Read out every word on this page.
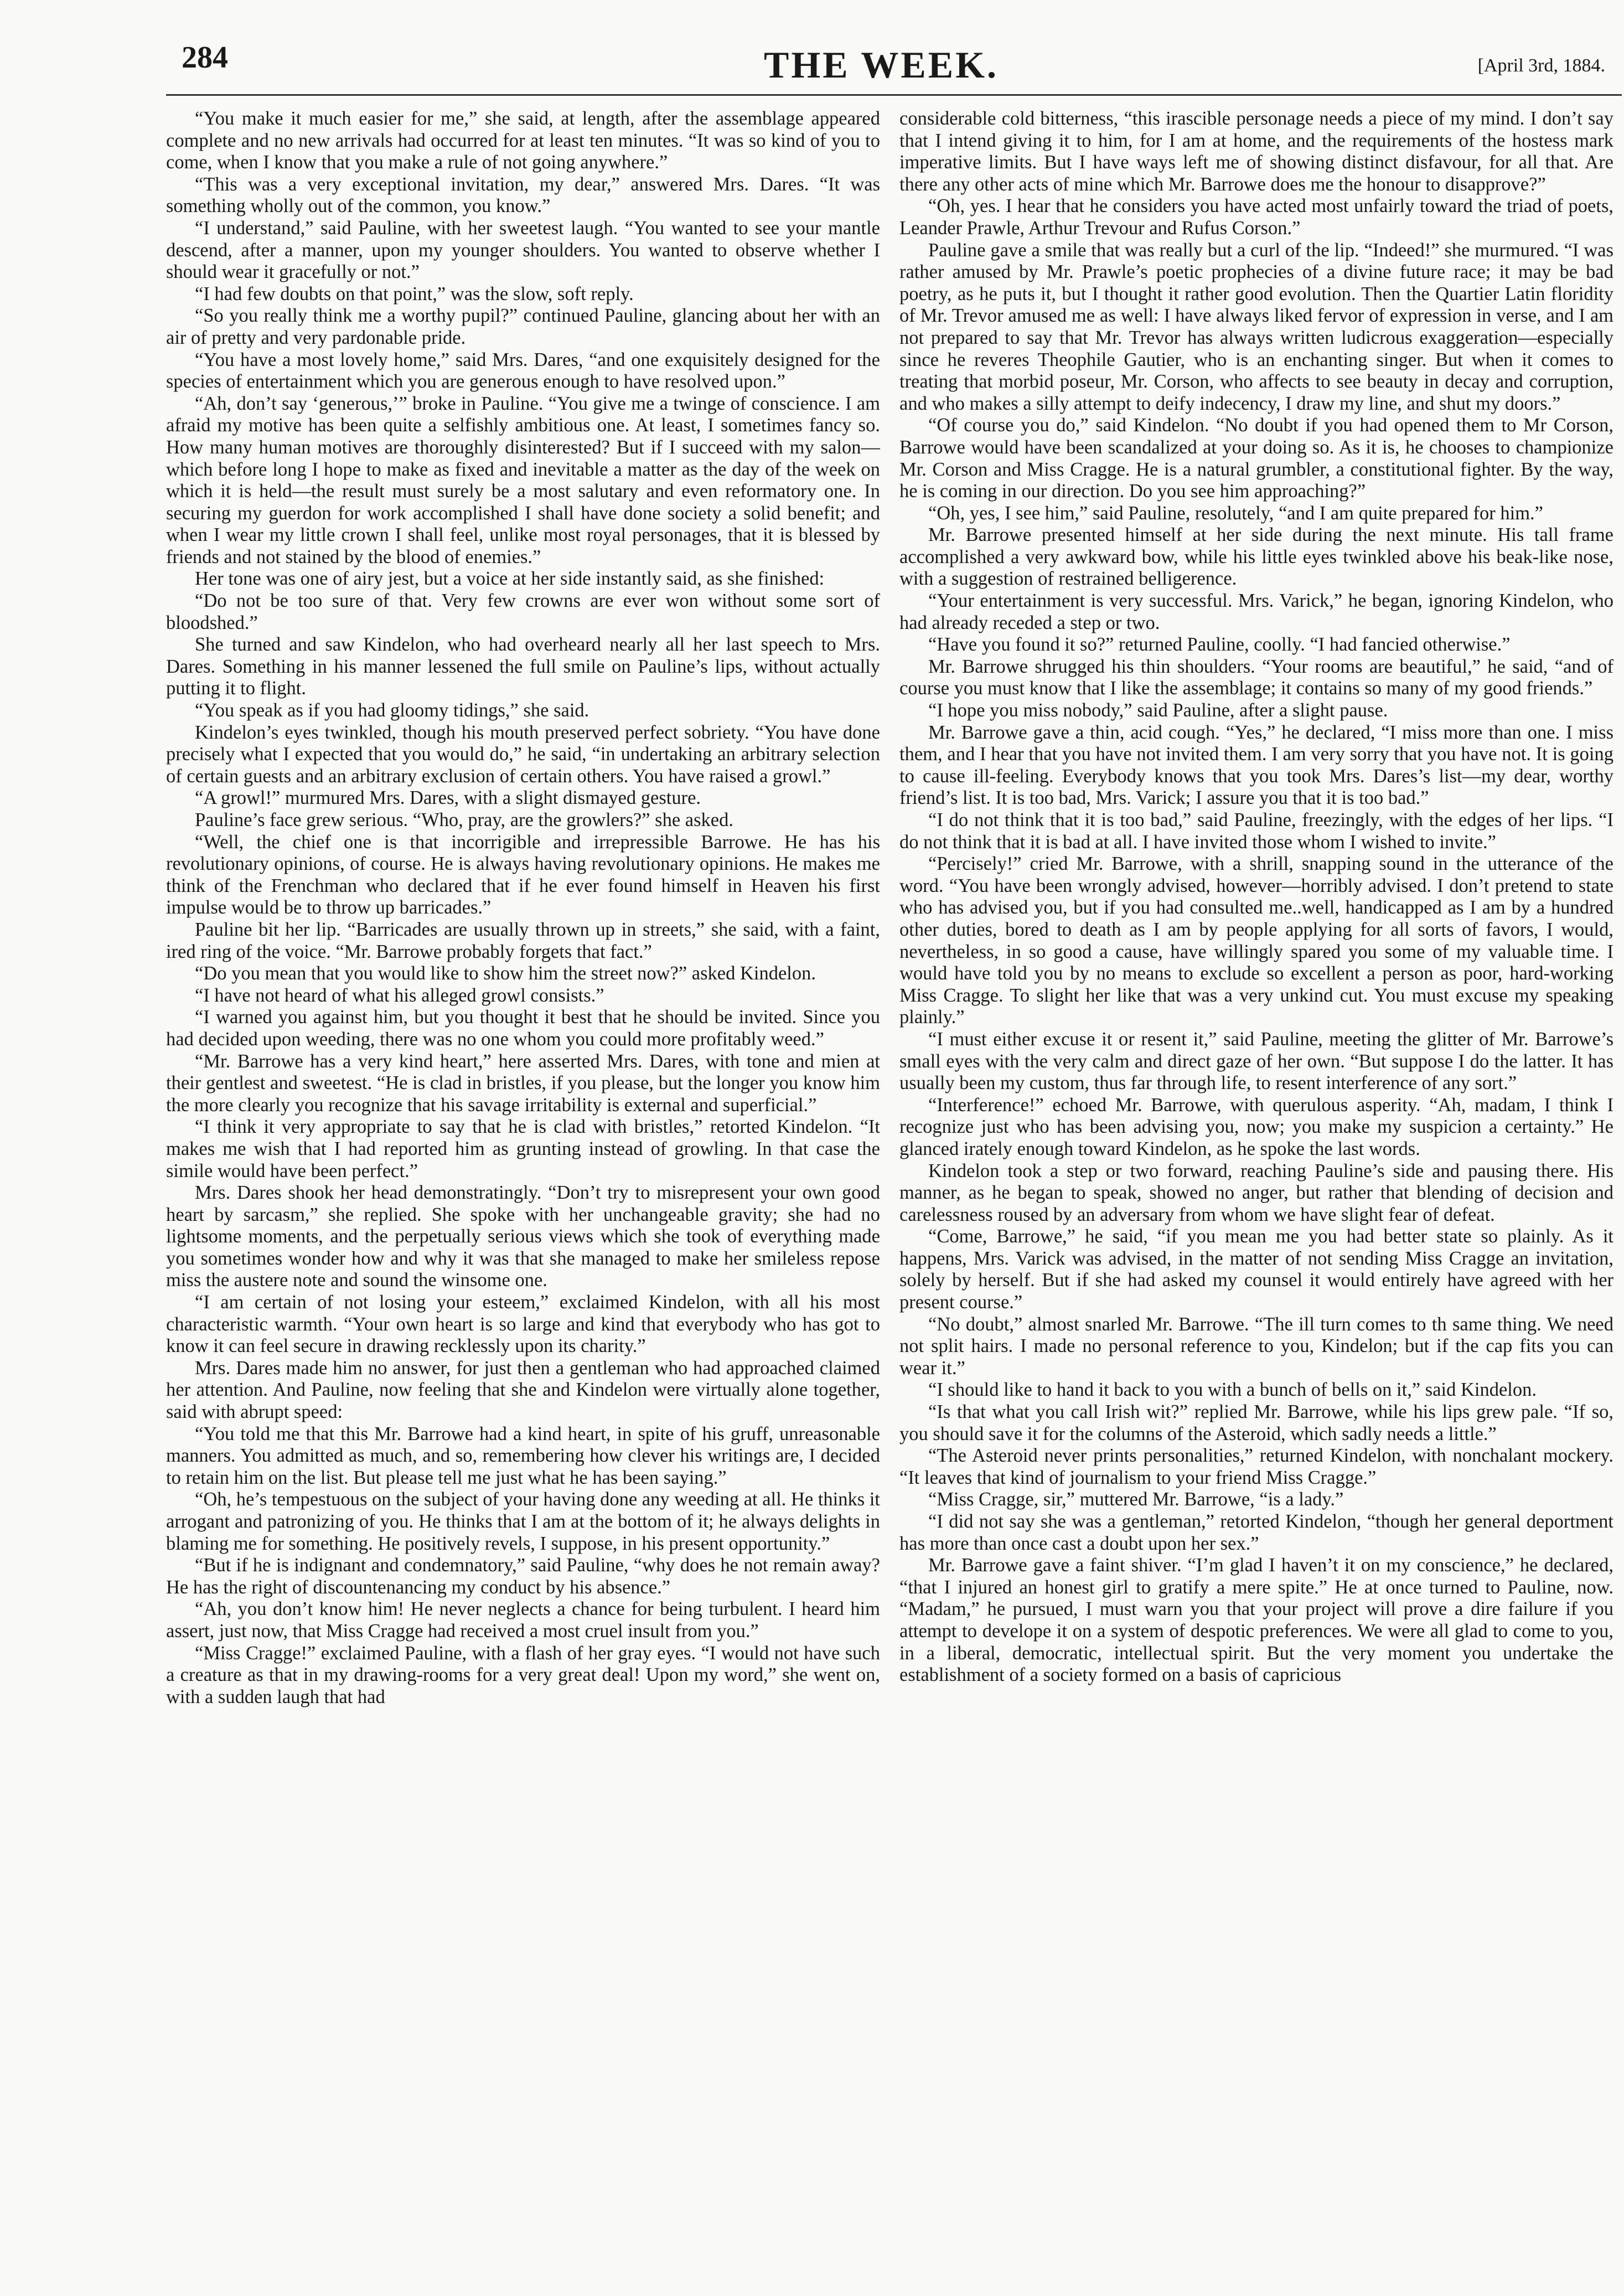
284	THE WEEK.	[April 3rd, 1884.

“You make it much easier for me,” she said, at length, after the assemblage appeared complete and no new arrivals had occurred for at least ten minutes. “It was so kind of you to come, when I know that you make a rule of not going anywhere.”

“This was a very exceptional invitation, my dear,” answered Mrs. Dares. “It was something wholly out of the common, you know.”

“I understand,” said Pauline, with her sweetest laugh. “You wanted to see your mantle descend, after a manner, upon my younger shoulders. You wanted to observe whether I should wear it gracefully or not.”

“I had few doubts on that point,” was the slow, soft reply.

“So you really think me a worthy pupil?” continued Pauline, glancing about her with an air of pretty and very pardonable pride.

“You have a most lovely home,” said Mrs. Dares, “and one exquisitely designed for the species of entertainment which you are generous enough to have resolved upon.”

“Ah, don’t say ‘generous,’” broke in Pauline. “You give me a twinge of conscience. I am afraid my motive has been quite a selfishly ambitious one. At least, I sometimes fancy so. How many human motives are thoroughly disinterested? But if I succeed with my salon—which before long I hope to make as fixed and inevitable a matter as the day of the week on which it is held—the result must surely be a most salutary and even reformatory one. In securing my guerdon for work accomplished I shall have done society a solid benefit; and when I wear my little crown I shall feel, unlike most royal personages, that it is blessed by friends and not stained by the blood of enemies.”

Her tone was one of airy jest, but a voice at her side instantly said, as she finished:

“Do not be too sure of that. Very few crowns are ever won without some sort of bloodshed.”

She turned and saw Kindelon, who had overheard nearly all her last speech to Mrs. Dares. Something in his manner lessened the full smile on Pauline’s lips, without actually putting it to flight.

“You speak as if you had gloomy tidings,” she said.

Kindelon’s eyes twinkled, though his mouth preserved perfect sobriety. “You have done precisely what I expected that you would do,” he said, “in undertaking an arbitrary selection of certain guests and an arbitrary exclusion of certain others. You have raised a growl.”

“A growl!” murmured Mrs. Dares, with a slight dismayed gesture.

Pauline’s face grew serious. “Who, pray, are the growlers?” she asked.

“Well, the chief one is that incorrigible and irrepressible Barrowe. He has his revolutionary opinions, of course. He is always having revolutionary opinions. He makes me think of the Frenchman who declared that if he ever found himself in Heaven his first impulse would be to throw up barricades.”

Pauline bit her lip. “Barricades are usually thrown up in streets,” she said, with a faint, ired ring of the voice. “Mr. Barrowe probably forgets that fact.”

“Do you mean that you would like to show him the street now?” asked Kindelon.

“I have not heard of what his alleged growl consists.”

“I warned you against him, but you thought it best that he should be invited. Since you had decided upon weeding, there was no one whom you could more profitably weed.”

“Mr. Barrowe has a very kind heart,” here asserted Mrs. Dares, with tone and mien at their gentlest and sweetest. “He is clad in bristles, if you please, but the longer you know him the more clearly you recognize that his savage irritability is external and superficial.”

“I think it very appropriate to say that he is clad with bristles,” retorted Kindelon. “It makes me wish that I had reported him as grunting instead of growling. In that case the simile would have been perfect.”

Mrs. Dares shook her head demonstratingly. “Don’t try to misrepresent your own good heart by sarcasm,” she replied. She spoke with her unchangeable gravity; she had no lightsome moments, and the perpetually serious views which she took of everything made you sometimes wonder how and why it was that she managed to make her smileless repose miss the austere note and sound the winsome one.

“I am certain of not losing your esteem,” exclaimed Kindelon, with all his most characteristic warmth. “Your own heart is so large and kind that everybody who has got to know it can feel secure in drawing recklessly upon its charity.”

Mrs. Dares made him no answer, for just then a gentleman who had approached claimed her attention. And Pauline, now feeling that she and Kindelon were virtually alone together, said with abrupt speed:

“You told me that this Mr. Barrowe had a kind heart, in spite of his gruff, unreasonable manners. You admitted as much, and so, remembering how clever his writings are, I decided to retain him on the list. But please tell me just what he has been saying.”

“Oh, he’s tempestuous on the subject of your having done any weeding at all. He thinks it arrogant and patronizing of you. He thinks that I am at the bottom of it; he always delights in blaming me for something. He positively revels, I suppose, in his present opportunity.”

“But if he is indignant and condemnatory,” said Pauline, “why does he not remain away? He has the right of discountenancing my conduct by his absence.”

“Ah, you don’t know him! He never neglects a chance for being turbulent. I heard him assert, just now, that Miss Cragge had received a most cruel insult from you.”

“Miss Cragge!” exclaimed Pauline, with a flash of her gray eyes. “I would not have such a creature as that in my drawing-rooms for a very great deal! Upon my word,” she went on, with a sudden laugh that had

considerable cold bitterness, “this irascible personage needs a piece of my mind. I don’t say that I intend giving it to him, for I am at home, and the requirements of the hostess mark imperative limits. But I have ways left me of showing distinct disfavour, for all that. Are there any other acts of mine which Mr. Barrowe does me the honour to disapprove?”

“Oh, yes. I hear that he considers you have acted most unfairly toward the triad of poets, Leander Prawle, Arthur Trevour and Rufus Corson.”

Pauline gave a smile that was really but a curl of the lip. “Indeed!” she murmured. “I was rather amused by Mr. Prawle’s poetic prophecies of a divine future race; it may be bad poetry, as he puts it, but I thought it rather good evolution. Then the Quartier Latin floridity of Mr. Trevor amused me as well: I have always liked fervor of expression in verse, and I am not prepared to say that Mr. Trevor has always written ludicrous exaggeration—especially since he reveres Theophile Gautier, who is an enchanting singer. But when it comes to treating that morbid poseur, Mr. Corson, who affects to see beauty in decay and corruption, and who makes a silly attempt to deify indecency, I draw my line, and shut my doors.”

“Of course you do,” said Kindelon. “No doubt if you had opened them to Mr Corson, Barrowe would have been scandalized at your doing so. As it is, he chooses to championize Mr. Corson and Miss Cragge. He is a natural grumbler, a constitutional fighter. By the way, he is coming in our direction. Do you see him approaching?”

“Oh, yes, I see him,” said Pauline, resolutely, “and I am quite prepared for him.”

Mr. Barrowe presented himself at her side during the next minute. His tall frame accomplished a very awkward bow, while his little eyes twinkled above his beak-like nose, with a suggestion of restrained belligerence.

“Your entertainment is very successful. Mrs. Varick,” he began, ignoring Kindelon, who had already receded a step or two.

“Have you found it so?” returned Pauline, coolly. “I had fancied otherwise.”

Mr. Barrowe shrugged his thin shoulders. “Your rooms are beautiful,” he said, “and of course you must know that I like the assemblage; it contains so many of my good friends.”

“I hope you miss nobody,” said Pauline, after a slight pause.

Mr. Barrowe gave a thin, acid cough. “Yes,” he declared, “I miss more than one. I miss them, and I hear that you have not invited them. I am very sorry that you have not. It is going to cause ill-feeling. Everybody knows that you took Mrs. Dares’s list—my dear, worthy friend’s list. It is too bad, Mrs. Varick; I assure you that it is too bad.”

“I do not think that it is too bad,” said Pauline, freezingly, with the edges of her lips. “I do not think that it is bad at all. I have invited those whom I wished to invite.”

“Percisely!” cried Mr. Barrowe, with a shrill, snapping sound in the utterance of the word. “You have been wrongly advised, however—horribly advised. I don’t pretend to state who has advised you, but if you had consulted me..well, handicapped as I am by a hundred other duties, bored to death as I am by people applying for all sorts of favors, I would, nevertheless, in so good a cause, have willingly spared you some of my valuable time. I would have told you by no means to exclude so excellent a person as poor, hard-working Miss Cragge. To slight her like that was a very unkind cut. You must excuse my speaking plainly.”

“I must either excuse it or resent it,” said Pauline, meeting the glitter of Mr. Barrowe’s small eyes with the very calm and direct gaze of her own. “But suppose I do the latter. It has usually been my custom, thus far through life, to resent interference of any sort.”

“Interference!” echoed Mr. Barrowe, with querulous asperity. “Ah, madam, I think I recognize just who has been advising you, now; you make my suspicion a certainty.” He glanced irately enough toward Kindelon, as he spoke the last words.

Kindelon took a step or two forward, reaching Pauline’s side and pausing there. His manner, as he began to speak, showed no anger, but rather that blending of decision and carelessness roused by an adversary from whom we have slight fear of defeat.

“Come, Barrowe,” he said, “if you mean me you had better state so plainly. As it happens, Mrs. Varick was advised, in the matter of not sending Miss Cragge an invitation, solely by herself. But if she had asked my counsel it would entirely have agreed with her present course.”

“No doubt,” almost snarled Mr. Barrowe. “The ill turn comes to th same thing. We need not split hairs. I made no personal reference to you, Kindelon; but if the cap fits you can wear it.”

“I should like to hand it back to you with a bunch of bells on it,” said Kindelon.

“Is that what you call Irish wit?” replied Mr. Barrowe, while his lips grew pale. “If so, you should save it for the columns of the Asteroid, which sadly needs a little.”

“The Asteroid never prints personalities,” returned Kindelon, with nonchalant mockery. “It leaves that kind of journalism to your friend Miss Cragge.”

“Miss Cragge, sir,” muttered Mr. Barrowe, “is a lady.”

“I did not say she was a gentleman,” retorted Kindelon, “though her general deportment has more than once cast a doubt upon her sex.”

Mr. Barrowe gave a faint shiver. “I’m glad I haven’t it on my conscience,” he declared, “that I injured an honest girl to gratify a mere spite.” He at once turned to Pauline, now. “Madam,” he pursued, I must warn you that your project will prove a dire failure if you attempt to develope it on a system of despotic preferences. We were all glad to come to you, in a liberal, democratic, intellectual spirit. But the very moment you undertake the establishment of a society formed on a basis of capricious
